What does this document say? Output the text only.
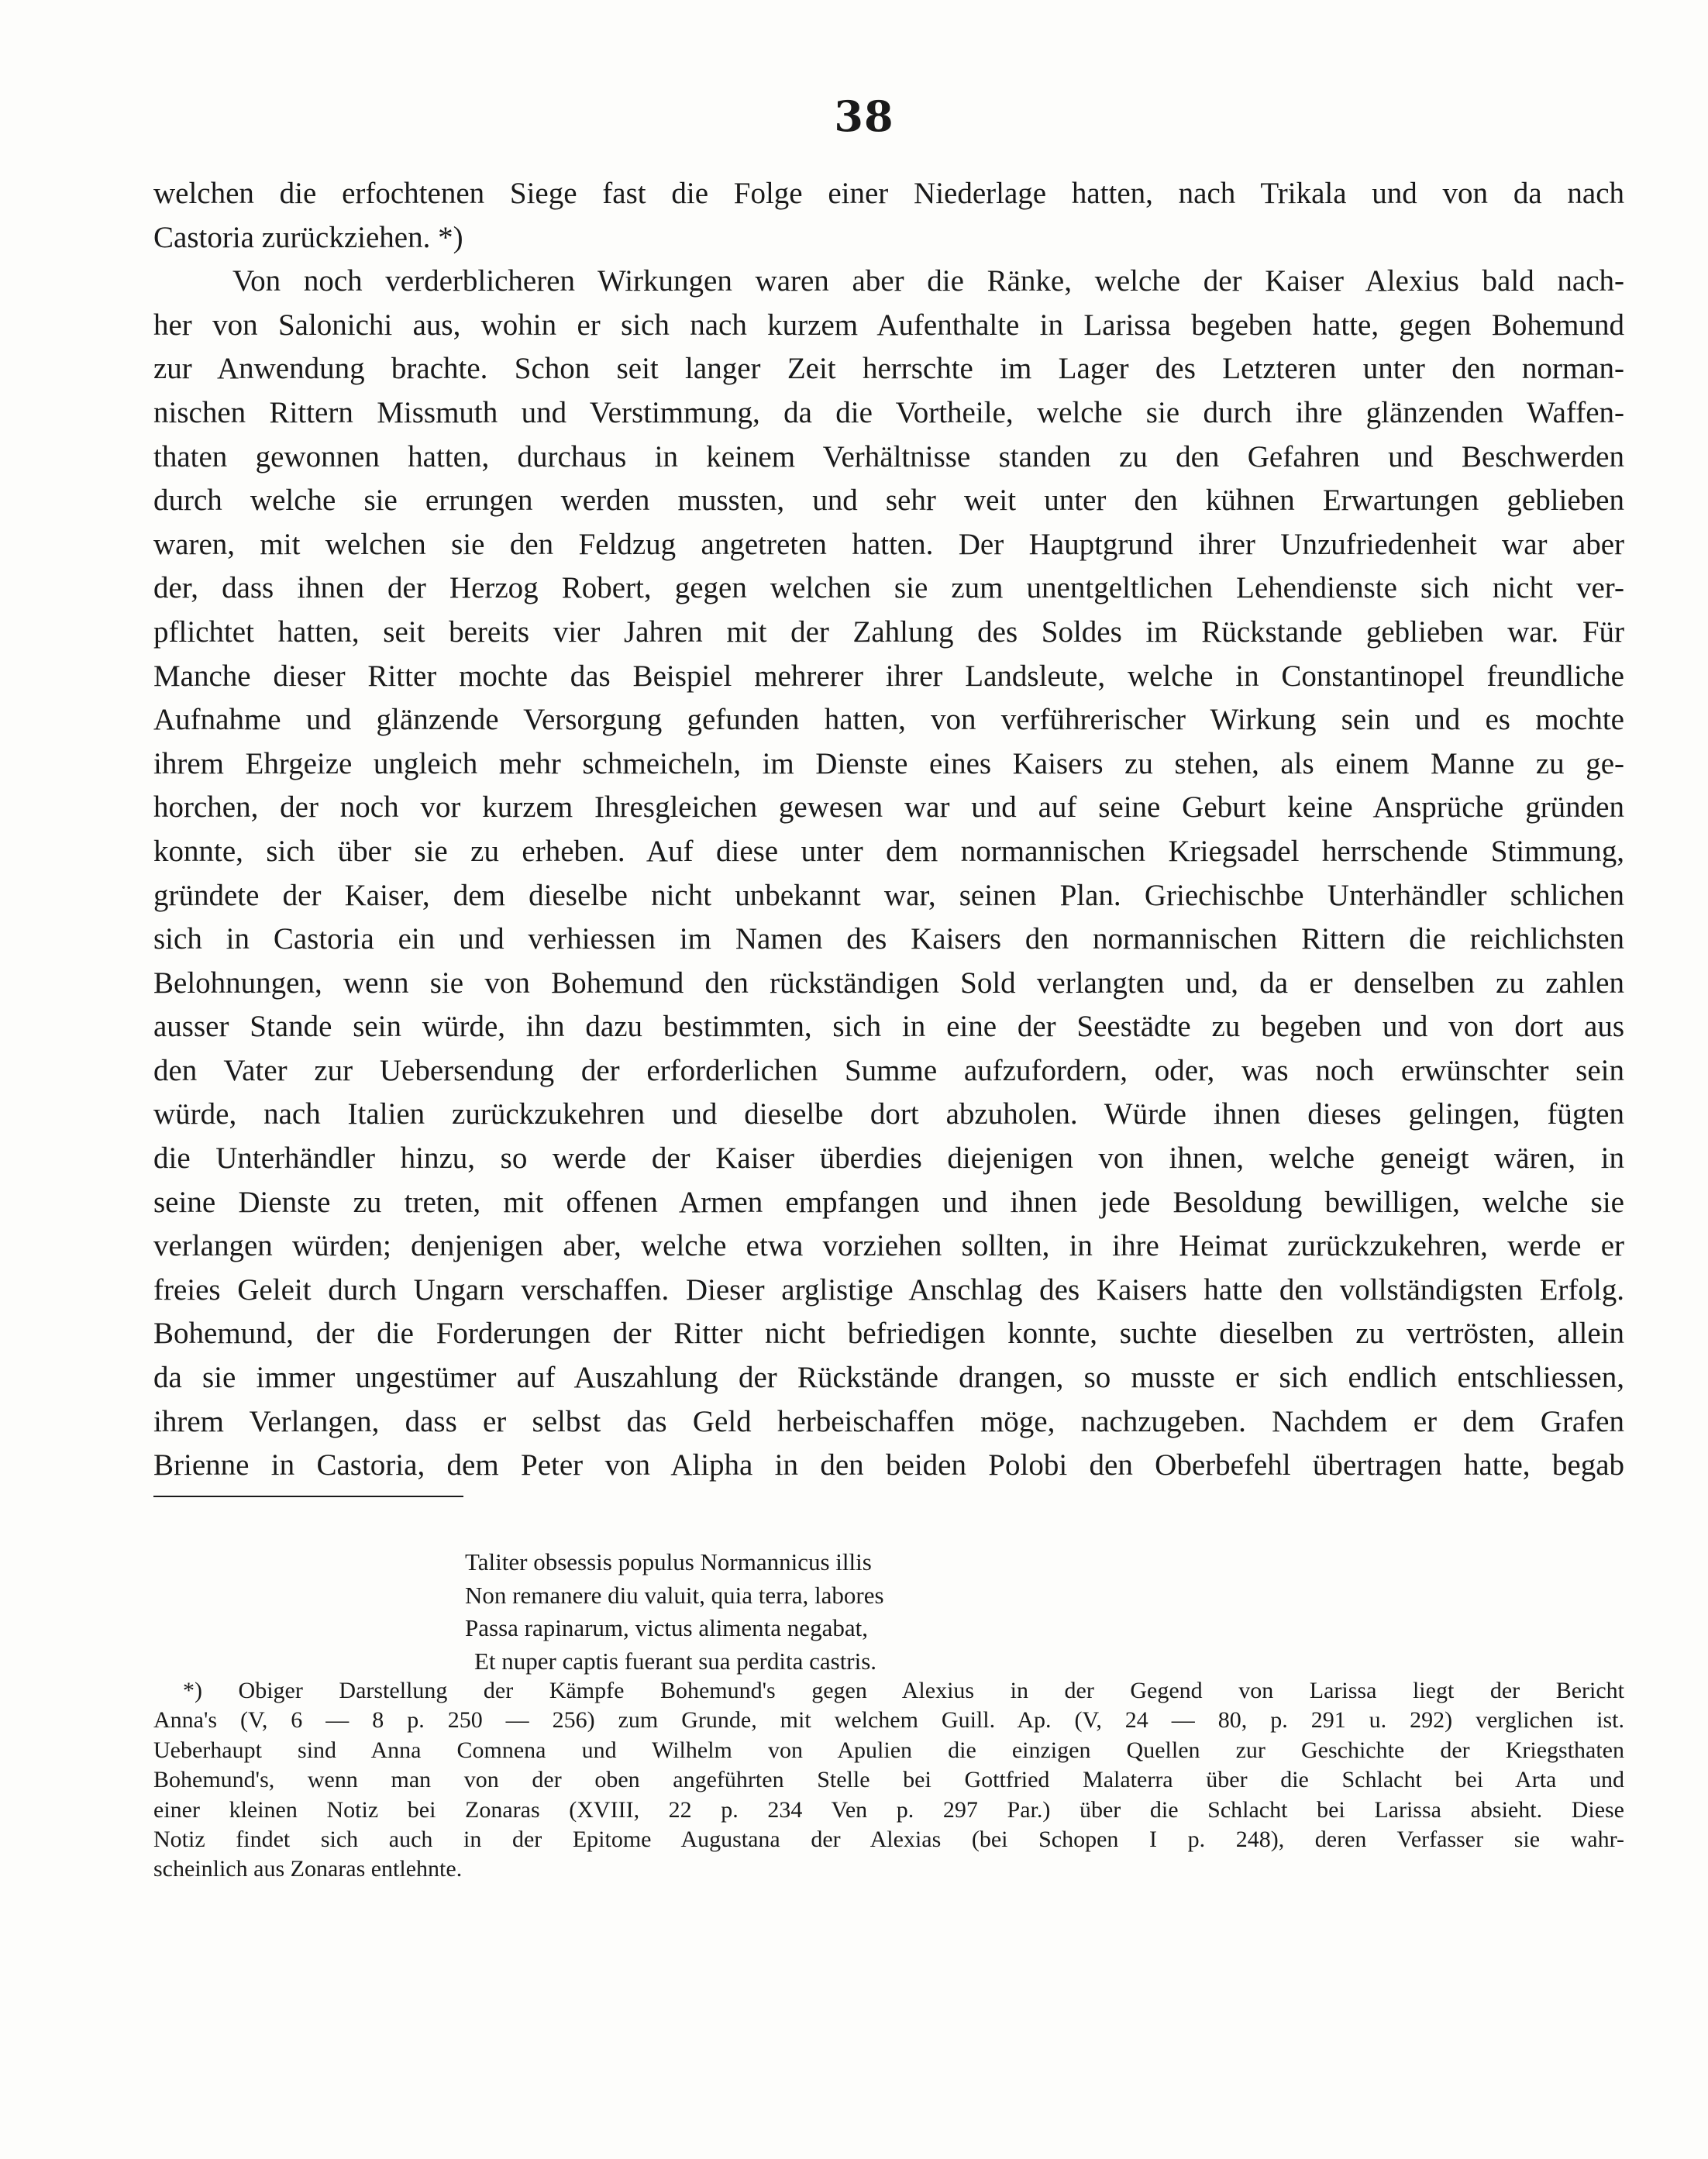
38
welchen die erfochtenen Siege fast die Folge einer Niederlage hatten, nach Trikala und von da nach
Castoria zurückziehen. *)
Von noch verderblicheren Wirkungen waren aber die Ränke, welche der Kaiser Alexius bald nach-
her von Salonichi aus, wohin er sich nach kurzem Aufenthalte in Larissa begeben hatte, gegen Bohemund
zur Anwendung brachte. Schon seit langer Zeit herrschte im Lager des Letzteren unter den norman-
nischen Rittern Missmuth und Verstimmung, da die Vortheile, welche sie durch ihre glänzenden Waffen-
thaten gewonnen hatten, durchaus in keinem Verhältnisse standen zu den Gefahren und Beschwerden
durch welche sie errungen werden mussten, und sehr weit unter den kühnen Erwartungen geblieben
waren, mit welchen sie den Feldzug angetreten hatten. Der Hauptgrund ihrer Unzufriedenheit war aber
der, dass ihnen der Herzog Robert, gegen welchen sie zum unentgeltlichen Lehendienste sich nicht ver-
pflichtet hatten, seit bereits vier Jahren mit der Zahlung des Soldes im Rückstande geblieben war. Für
Manche dieser Ritter mochte das Beispiel mehrerer ihrer Landsleute, welche in Constantinopel freundliche
Aufnahme und glänzende Versorgung gefunden hatten, von verführerischer Wirkung sein und es mochte
ihrem Ehrgeize ungleich mehr schmeicheln, im Dienste eines Kaisers zu stehen, als einem Manne zu ge-
horchen, der noch vor kurzem Ihresgleichen gewesen war und auf seine Geburt keine Ansprüche gründen
konnte, sich über sie zu erheben. Auf diese unter dem normannischen Kriegsadel herrschende Stimmung,
gründete der Kaiser, dem dieselbe nicht unbekannt war, seinen Plan. Griechischbe Unterhändler schlichen
sich in Castoria ein und verhiessen im Namen des Kaisers den normannischen Rittern die reichlichsten
Belohnungen, wenn sie von Bohemund den rückständigen Sold verlangten und, da er denselben zu zahlen
ausser Stande sein würde, ihn dazu bestimmten, sich in eine der Seestädte zu begeben und von dort aus
den Vater zur Uebersendung der erforderlichen Summe aufzufordern, oder, was noch erwünschter sein
würde, nach Italien zurückzukehren und dieselbe dort abzuholen. Würde ihnen dieses gelingen, fügten
die Unterhändler hinzu, so werde der Kaiser überdies diejenigen von ihnen, welche geneigt wären, in
seine Dienste zu treten, mit offenen Armen empfangen und ihnen jede Besoldung bewilligen, welche sie
verlangen würden; denjenigen aber, welche etwa vorziehen sollten, in ihre Heimat zurückzukehren, werde er
freies Geleit durch Ungarn verschaffen. Dieser arglistige Anschlag des Kaisers hatte den vollständigsten Erfolg.
Bohemund, der die Forderungen der Ritter nicht befriedigen konnte, suchte dieselben zu vertrösten, allein
da sie immer ungestümer auf Auszahlung der Rückstände drangen, so musste er sich endlich entschliessen,
ihrem Verlangen, dass er selbst das Geld herbeischaffen möge, nachzugeben. Nachdem er dem Grafen
Brienne in Castoria, dem Peter von Alipha in den beiden Polobi den Oberbefehl übertragen hatte, begab
Taliter obsessis populus Normannicus illis
Non remanere diu valuit, quia terra, labores
Passa rapinarum, victus alimenta negabat,
Et nuper captis fuerant sua perdita castris.
*) Obiger Darstellung der Kämpfe Bohemund's gegen Alexius in der Gegend von Larissa liegt der Bericht
Anna's (V, 6 — 8 p. 250 — 256) zum Grunde, mit welchem Guill. Ap. (V, 24 — 80, p. 291 u. 292) verglichen ist.
Ueberhaupt sind Anna Comnena und Wilhelm von Apulien die einzigen Quellen zur Geschichte der Kriegsthaten
Bohemund's, wenn man von der oben angeführten Stelle bei Gottfried Malaterra über die Schlacht bei Arta und
einer kleinen Notiz bei Zonaras (XVIII, 22 p. 234 Ven p. 297 Par.) über die Schlacht bei Larissa absieht. Diese
Notiz findet sich auch in der Epitome Augustana der Alexias (bei Schopen I p. 248), deren Verfasser sie wahr-
scheinlich aus Zonaras entlehnte.
